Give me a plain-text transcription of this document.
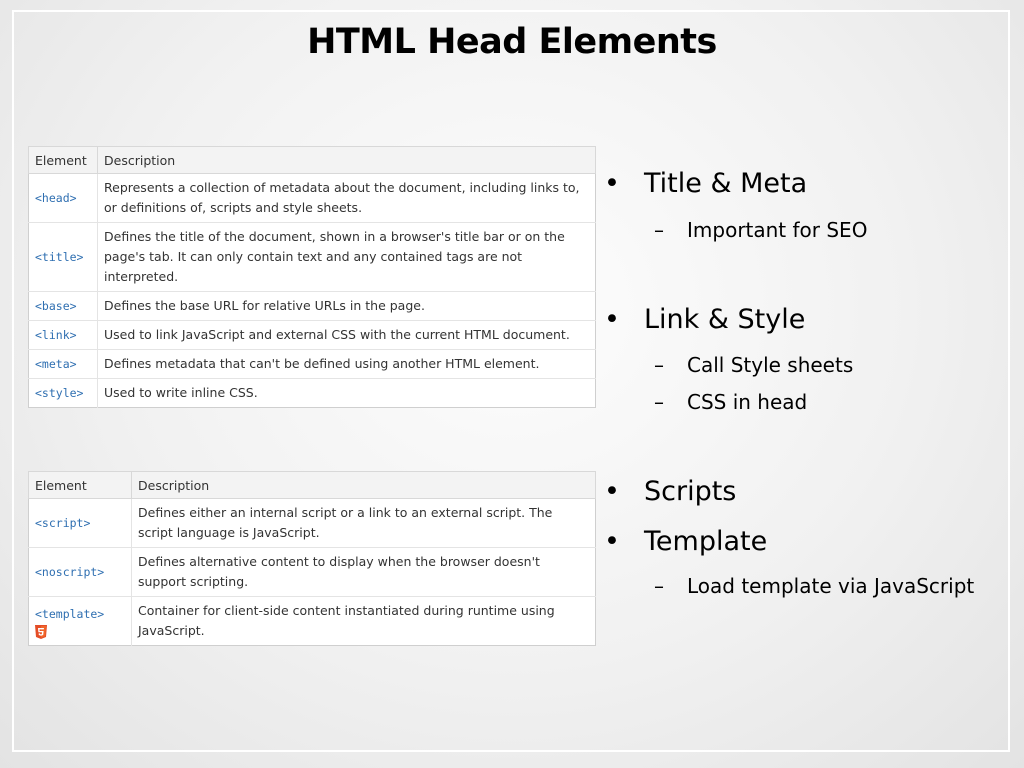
HTML Head Elements
Element	Description
<head>	Represents a collection of metadata about the document, including links to, or definitions of, scripts and style sheets.
<title>	Defines the title of the document, shown in a browser's title bar or on the page's tab. It can only contain text and any contained tags are not interpreted.
<base>	Defines the base URL for relative URLs in the page.
<link>	Used to link JavaScript and external CSS with the current HTML document.
<meta>	Defines metadata that can't be defined using another HTML element.
<style>	Used to write inline CSS.
Element	Description
<script>	Defines either an internal script or a link to an external script. The script language is JavaScript.
<noscript>	Defines alternative content to display when the browser doesn't support scripting.
<template>	Container for client-side content instantiated during runtime using JavaScript.
• Title & Meta
– Important for SEO
• Link & Style
– Call Style sheets
– CSS in head
• Scripts
• Template
– Load template via JavaScript
